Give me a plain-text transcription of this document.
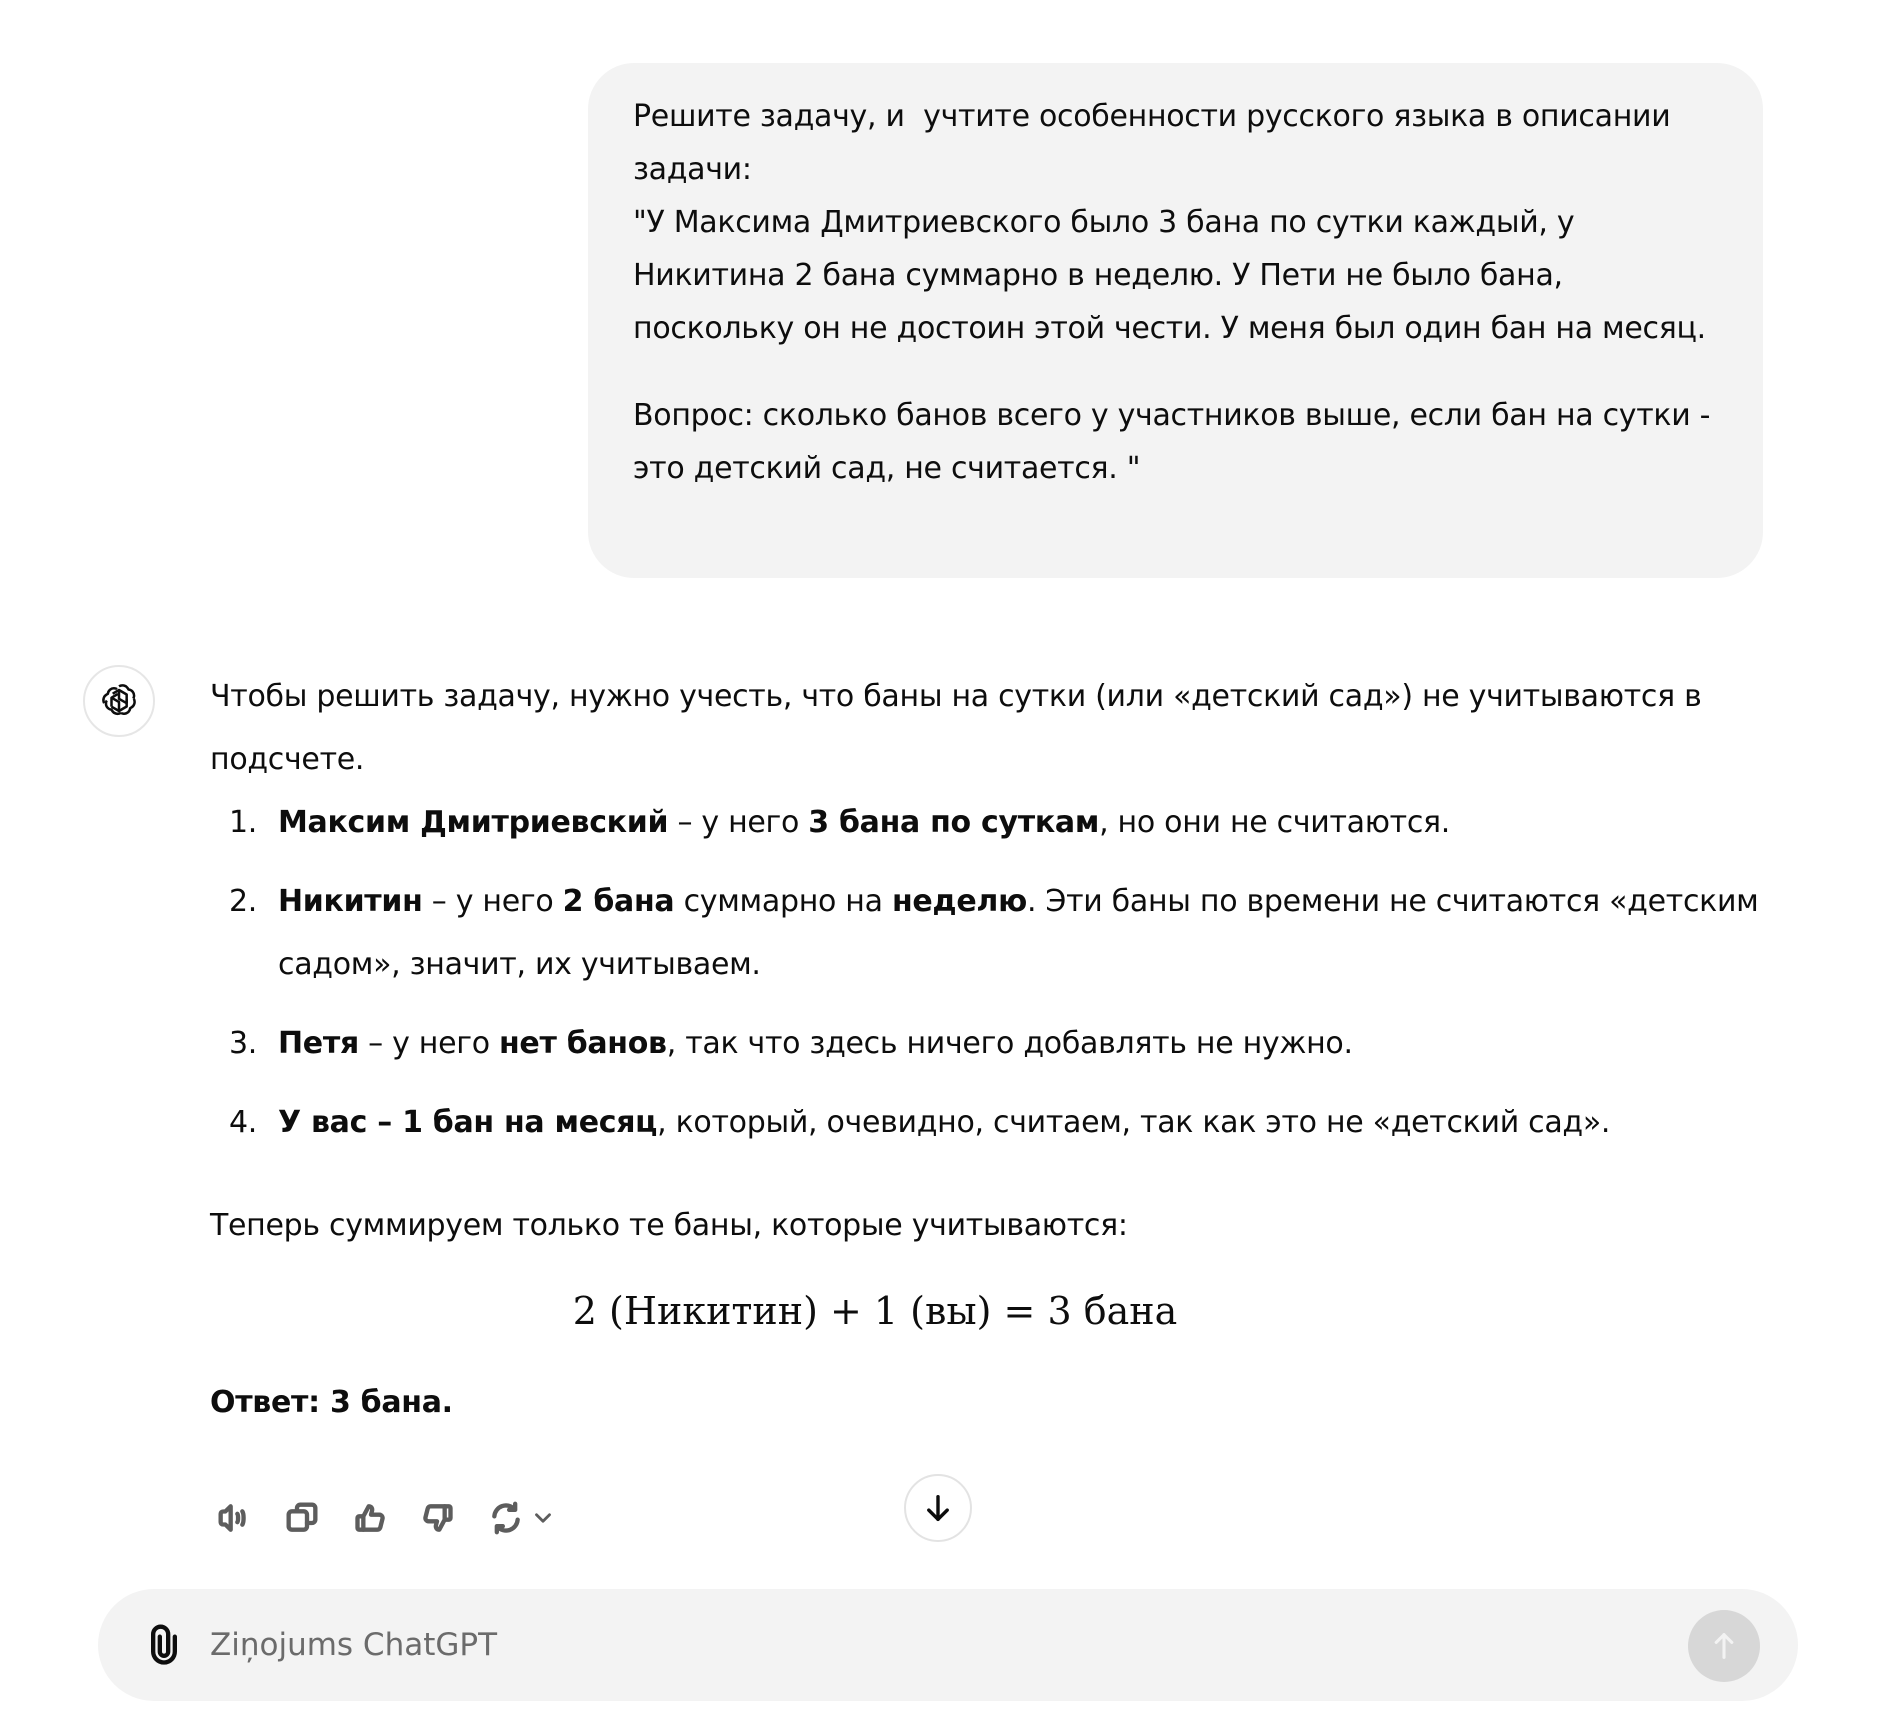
Решите задачу, и  учтите особенности русского языка в описании задачи:
"У Максима Дмитриевского было 3 бана по сутки каждый, у Никитина 2 бана суммарно в неделю. У Пети не было бана, поскольку он не достоин этой чести. У меня был один бан на месяц.

Вопрос: сколько банов всего у участников выше, если бан на сутки - это детский сад, не считается. "

Чтобы решить задачу, нужно учесть, что баны на сутки (или «детский сад») не учитываются в подсчете.

1. Максим Дмитриевский – у него 3 бана по суткам, но они не считаются.
2. Никитин – у него 2 бана суммарно на неделю. Эти баны по времени не считаются «детским садом», значит, их учитываем.
3. Петя – у него нет банов, так что здесь ничего добавлять не нужно.
4. У вас – 1 бан на месяц, который, очевидно, считаем, так как это не «детский сад».

Теперь суммируем только те баны, которые учитываются:

2 (Никитин) + 1 (вы) = 3 бана

Ответ: 3 бана.

Ziņojums ChatGPT
